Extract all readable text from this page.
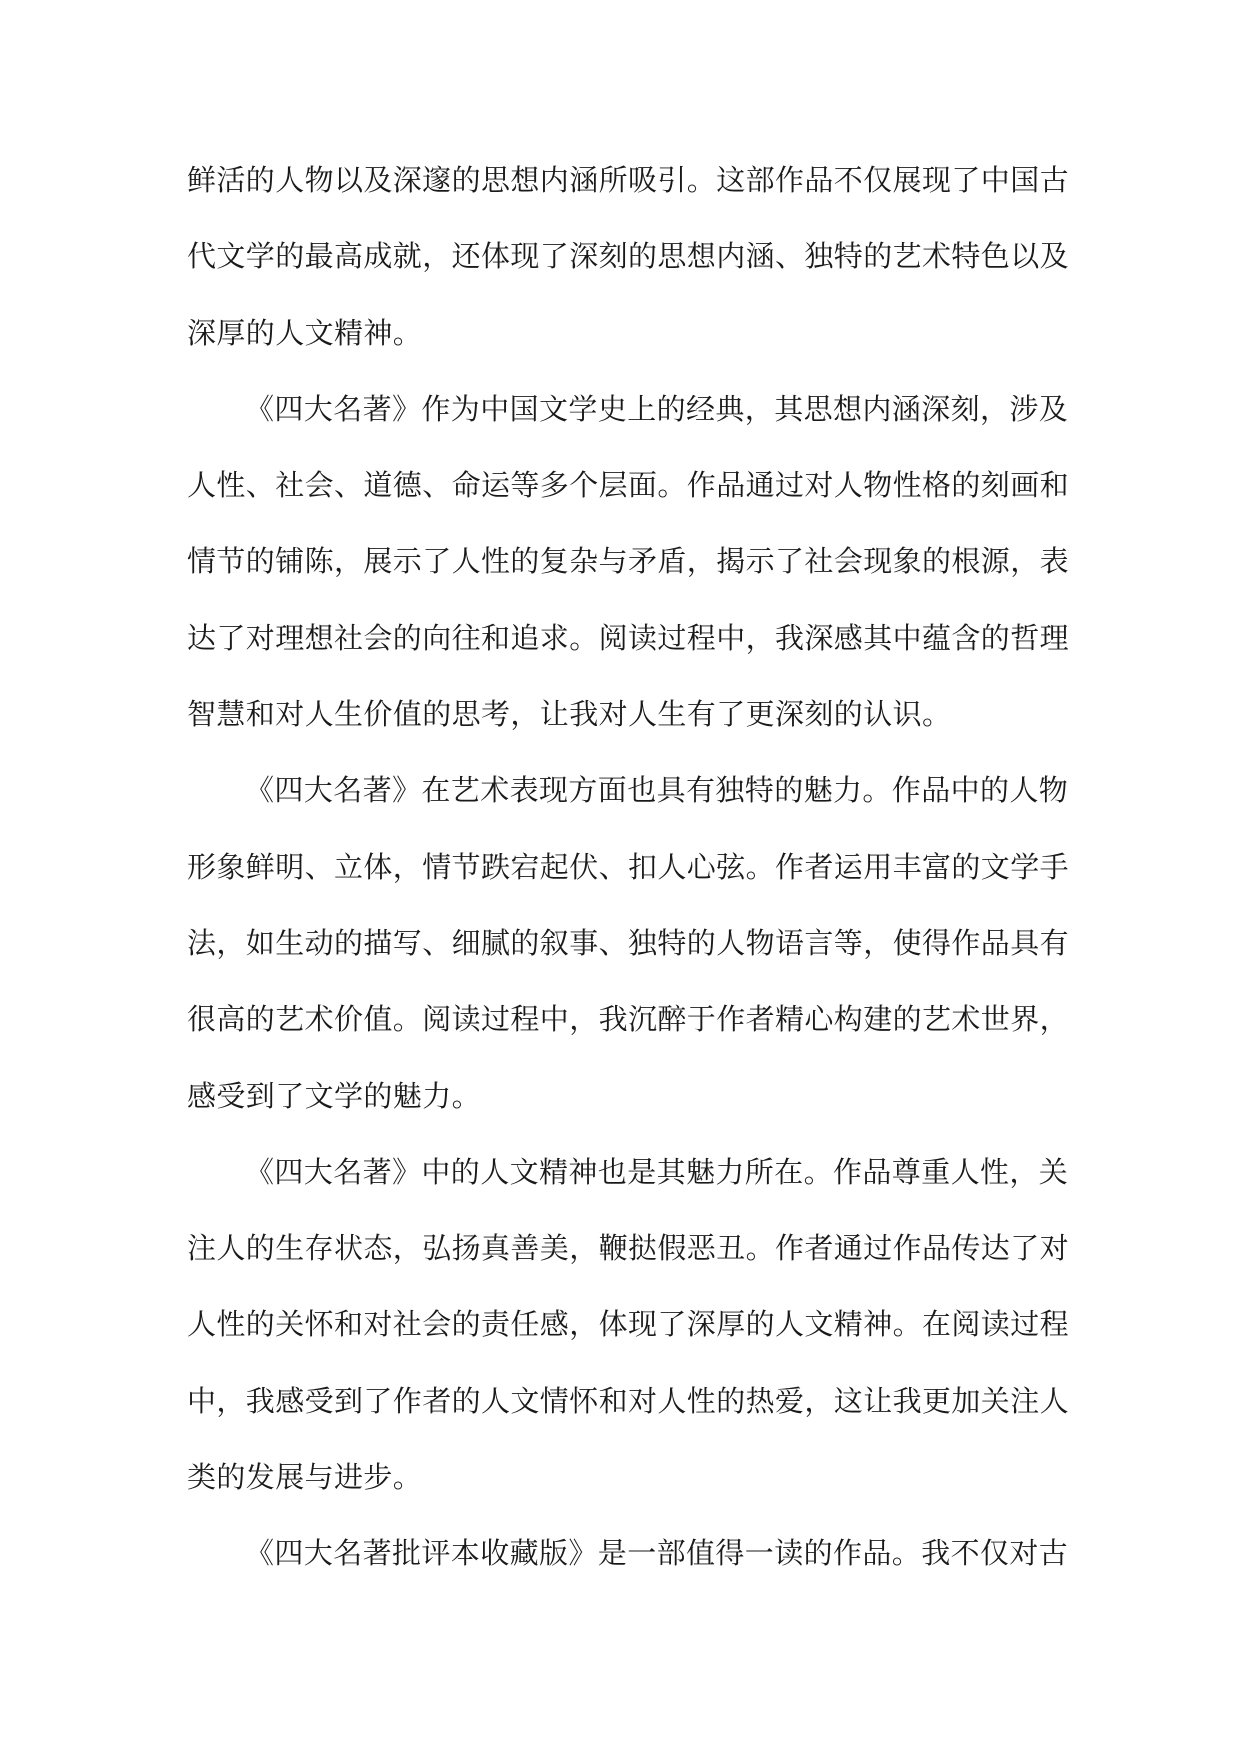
鲜活的人物以及深邃的思想内涵所吸引。这部作品不仅展现了中国古
代文学的最高成就，还体现了深刻的思想内涵、独特的艺术特色以及
深厚的人文精神。
《四大名著》作为中国文学史上的经典，其思想内涵深刻，涉及
人性、社会、道德、命运等多个层面。作品通过对人物性格的刻画和
情节的铺陈，展示了人性的复杂与矛盾，揭示了社会现象的根源，表
达了对理想社会的向往和追求。阅读过程中，我深感其中蕴含的哲理
智慧和对人生价值的思考，让我对人生有了更深刻的认识。
《四大名著》在艺术表现方面也具有独特的魅力。作品中的人物
形象鲜明、立体，情节跌宕起伏、扣人心弦。作者运用丰富的文学手
法，如生动的描写、细腻的叙事、独特的人物语言等，使得作品具有
很高的艺术价值。阅读过程中，我沉醉于作者精心构建的艺术世界，
感受到了文学的魅力。
《四大名著》中的人文精神也是其魅力所在。作品尊重人性，关
注人的生存状态，弘扬真善美，鞭挞假恶丑。作者通过作品传达了对
人性的关怀和对社会的责任感，体现了深厚的人文精神。在阅读过程
中，我感受到了作者的人文情怀和对人性的热爱，这让我更加关注人
类的发展与进步。
《四大名著批评本收藏版》是一部值得一读的作品。我不仅对古
